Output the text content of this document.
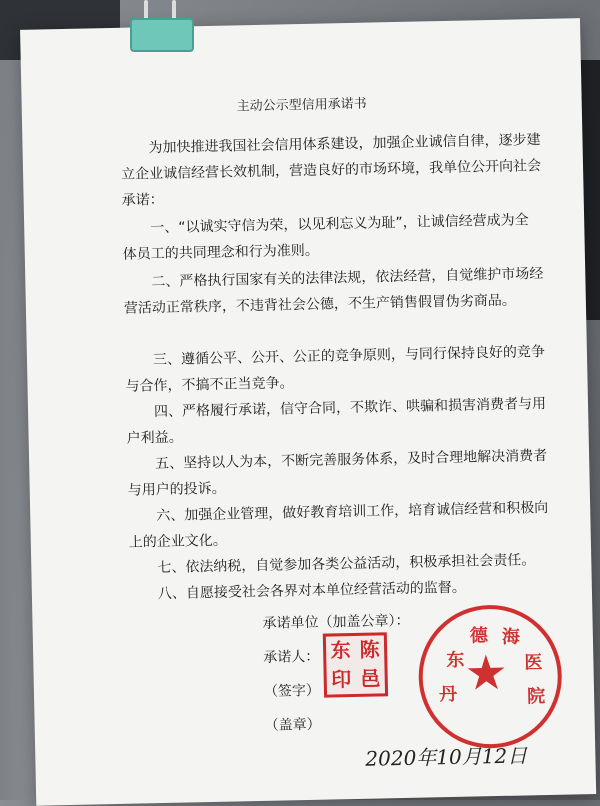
主动公示型信用承诺书
为加快推进我国社会信用体系建设，加强企业诚信自律，逐步建立企业诚信经营长效机制，营造良好的市场环境，我单位公开向社会承诺：
一、“以诚实守信为荣，以见利忘义为耻”，让诚信经营成为全体员工的共同理念和行为准则。
二、严格执行国家有关的法律法规，依法经营，自觉维护市场经营活动正常秩序，不违背社会公德，不生产销售假冒伪劣商品。
三、遵循公平、公开、公正的竞争原则，与同行保持良好的竞争与合作，不搞不正当竞争。
四、严格履行承诺，信守合同，不欺诈、哄骗和损害消费者与用户利益。
五、坚持以人为本，不断完善服务体系，及时合理地解决消费者与用户的投诉。
六、加强企业管理，做好教育培训工作，培育诚信经营和积极向上的企业文化。
七、依法纳税，自觉参加各类公益活动，积极承担社会责任。
八、自愿接受社会各界对本单位经营活动的监督。
承诺单位（加盖公章）：
承诺人：
（签字）
（盖章）
东 陈
印 邑 ★
丹
东
德 海
医
院
2020年10月12日
